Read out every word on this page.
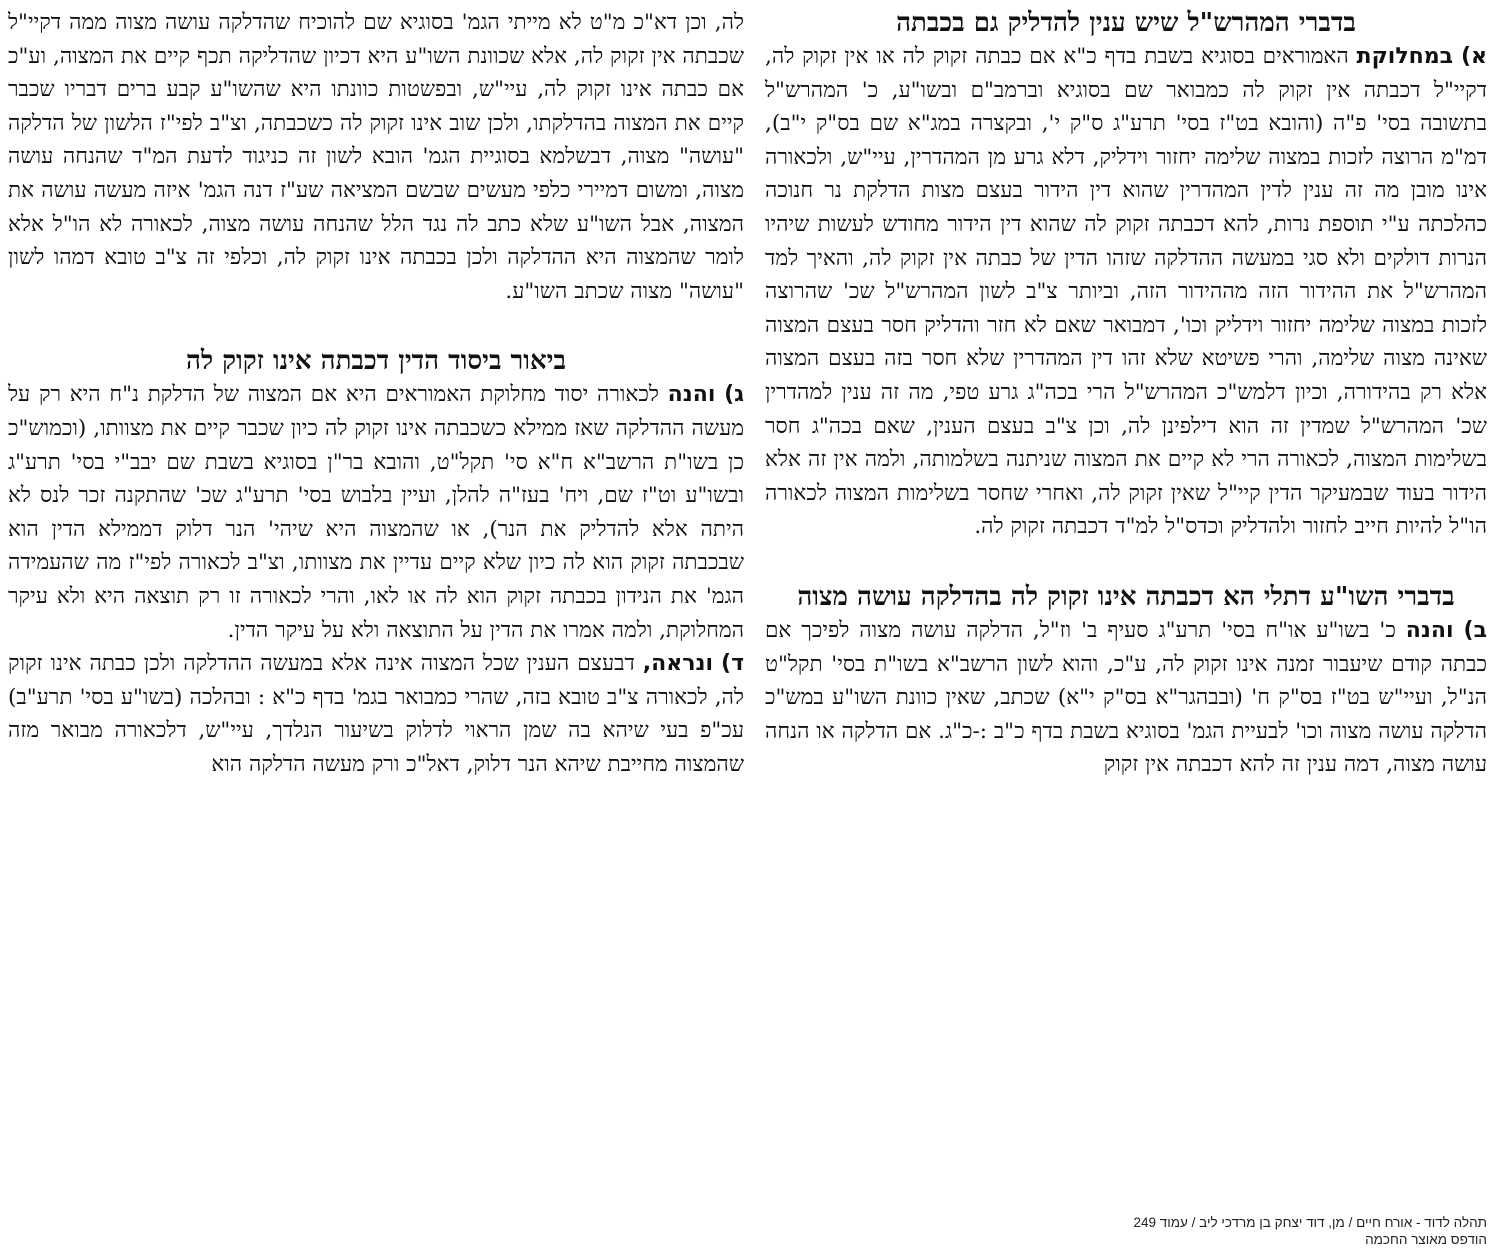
בדברי המהרש"ל שיש ענין להדליק גם בכבתה

א) במחלוקת האמוראים בסוגיא בשבת בדף כ"א אם כבתה זקוק לה או אין זקוק לה, דקיי"ל דכבתה אין זקוק לה כמבואר שם בסוגיא וברמב"ם ובשו"ע, כ' המהרש"ל בתשובה בסי' פ"ה (והובא בט"ז בסי' תרע"ג ס"ק י', ובקצרה במג"א שם בס"ק י"ב), דמ"מ הרוצה לזכות במצוה שלימה יחזור וידליק, דלא גרע מן המהדרין, עיי"ש, ולכאורה אינו מובן מה זה ענין לדין המהדרין שהוא דין הידור בעצם מצות הדלקת נר חנוכה כהלכתה ע"י תוספת נרות, להא דכבתה זקוק לה שהוא דין הידור מחודש לעשות שיהיו הנרות דולקים ולא סגי במעשה ההדלקה שזהו הדין של כבתה אין זקוק לה, והאיך למד המהרש"ל את ההידור הזה מההידור הזה, וביותר צ"ב לשון המהרש"ל שכ' שהרוצה לזכות במצוה שלימה יחזור וידליק וכו', דמבואר שאם לא חזר והדליק חסר בעצם המצוה שאינה מצוה שלימה, והרי פשיטא שלא זהו דין המהדרין שלא חסר בזה בעצם המצוה אלא רק בהידורה, וכיון דלמש"כ המהרש"ל הרי בכה"ג גרע טפי, מה זה ענין למהדרין שכ' המהרש"ל שמדין זה הוא דילפינן לה, וכן צ"ב בעצם הענין, שאם בכה"ג חסר בשלימות המצוה, לכאורה הרי לא קיים את המצוה שניתנה בשלמותה, ולמה אין זה אלא הידור בעוד שבמעיקר הדין קיי"ל שאין זקוק לה, ואחרי שחסר בשלימות המצוה לכאורה הו"ל להיות חייב לחזור ולהדליק וכדס"ל למ"ד דכבתה זקוק לה.

בדברי השו"ע דתלי הא דכבתה אינו זקוק לה בהדלקה עושה מצוה

ב) והנה כ' בשו"ע או"ח בסי' תרע"ג סעיף ב' וז"ל, הדלקה עושה מצוה לפיכך אם כבתה קודם שיעבור זמנה אינו זקוק לה, ע"כ, והוא לשון הרשב"א בשו"ת בסי' תקל"ט הנ"ל, ועיי"ש בט"ז בס"ק ח' (ובבהגר"א בס"ק י"א) שכתב, שאין כוונת השו"ע במש"כ הדלקה עושה מצוה וכו' לבעיית הגמ' בסוגיא בשבת בדף כ"ב :-כ"ג. אם הדלקה או הנחה עושה מצוה, דמה ענין זה להא דכבתה אין זקוק

לה, וכן דא"כ מ"ט לא מייתי הגמ' בסוגיא שם להוכיח שהדלקה עושה מצוה ממה דקיי"ל שכבתה אין זקוק לה, אלא שכוונת השו"ע היא דכיון שהדליקה תכף קיים את המצוה, וע"כ אם כבתה אינו זקוק לה, עיי"ש, ובפשטות כוונתו היא שהשו"ע קבע ברים דבריו שכבר קיים את המצוה בהדלקתו, ולכן שוב אינו זקוק לה כשכבתה, וצ"ב לפי"ז הלשון של הדלקה "עושה" מצוה, דבשלמא בסוגיית הגמ' הובא לשון זה כניגוד לדעת המ"ד שהנחה עושה מצוה, ומשום דמיירי כלפי מעשים שבשם המציאה שע"ז דנה הגמ' איזה מעשה עושה את המצוה, אבל השו"ע שלא כתב לה נגד הלל שהנחה עושה מצוה, לכאורה לא הו"ל אלא לומר שהמצוה היא ההדלקה ולכן בכבתה אינו זקוק לה, וכלפי זה צ"ב טובא דמהו לשון "עושה" מצוה שכתב השו"ע.

ביאור ביסוד הדין דכבתה אינו זקוק לה

ג) והנה לכאורה יסוד מחלוקת האמוראים היא אם המצוה של הדלקת נ"ח היא רק על מעשה ההדלקה שאז ממילא כשכבתה אינו זקוק לה כיון שכבר קיים את מצוותו, (וכמוש"כ כן בשו"ת הרשב"א ח"א סי' תקל"ט, והובא בר"ן בסוגיא בשבת שם יבב"י בסי' תרע"ג ובשו"ע וט"ז שם, ויח' בעז"ה להלן, ועיין בלבוש בסי' תרע"ג שכ' שהתקנה זכר לנס לא היתה אלא להדליק את הנר), או שהמצוה היא שיהי' הנר דלוק דממילא הדין הוא שבכבתה זקוק הוא לה כיון שלא קיים עדיין את מצוותו, וצ"ב לכאורה לפי"ז מה שהעמידה הגמ' את הנידון בכבתה זקוק הוא לה או לאו, והרי לכאורה זו רק תוצאה היא ולא עיקר המחלוקת, ולמה אמרו את הדין על התוצאה ולא על עיקר הדין.

ד) ונראה, דבעצם הענין שכל המצוה אינה אלא במעשה ההדלקה ולכן כבתה אינו זקוק לה, לכאורה צ"ב טובא בזה, שהרי כמבואר בגמ' בדף כ"א : ובהלכה (בשו"ע בסי' תרע"ב) עכ"פ בעי שיהא בה שמן הראוי לדלוק בשיעור הנלדך, עיי"ש, דלכאורה מבואר מזה שהמצוה מחייבת שיהא הנר דלוק, דאל"כ ורק מעשה הדלקה הוא

תהלה לדוד - אורח חיים / מן, דוד יצחק בן מרדכי ליב / עמוד 249
הודפס מאוצר החכמה
